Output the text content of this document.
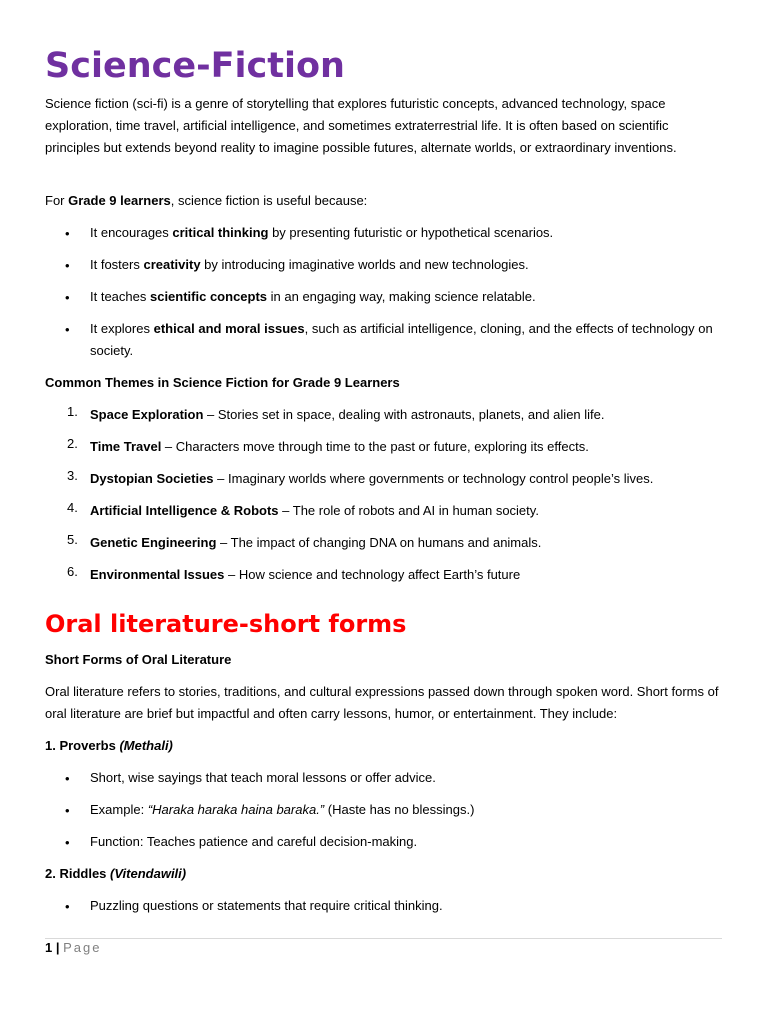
Science-Fiction
Science fiction (sci-fi) is a genre of storytelling that explores futuristic concepts, advanced technology, space exploration, time travel, artificial intelligence, and sometimes extraterrestrial life. It is often based on scientific principles but extends beyond reality to imagine possible futures, alternate worlds, or extraordinary inventions.
For Grade 9 learners, science fiction is useful because:
• It encourages critical thinking by presenting futuristic or hypothetical scenarios.
• It fosters creativity by introducing imaginative worlds and new technologies.
• It teaches scientific concepts in an engaging way, making science relatable.
• It explores ethical and moral issues, such as artificial intelligence, cloning, and the effects of technology on society.
Common Themes in Science Fiction for Grade 9 Learners
1. Space Exploration – Stories set in space, dealing with astronauts, planets, and alien life.
2. Time Travel – Characters move through time to the past or future, exploring its effects.
3. Dystopian Societies – Imaginary worlds where governments or technology control people’s lives.
4. Artificial Intelligence & Robots – The role of robots and AI in human society.
5. Genetic Engineering – The impact of changing DNA on humans and animals.
6. Environmental Issues – How science and technology affect Earth’s future
Oral literature-short forms
Short Forms of Oral Literature
Oral literature refers to stories, traditions, and cultural expressions passed down through spoken word. Short forms of oral literature are brief but impactful and often carry lessons, humor, or entertainment. They include:
1. Proverbs (Methali)
• Short, wise sayings that teach moral lessons or offer advice.
• Example: “Haraka haraka haina baraka.” (Haste has no blessings.)
• Function: Teaches patience and careful decision-making.
2. Riddles (Vitendawili)
• Puzzling questions or statements that require critical thinking.
1 | Page
